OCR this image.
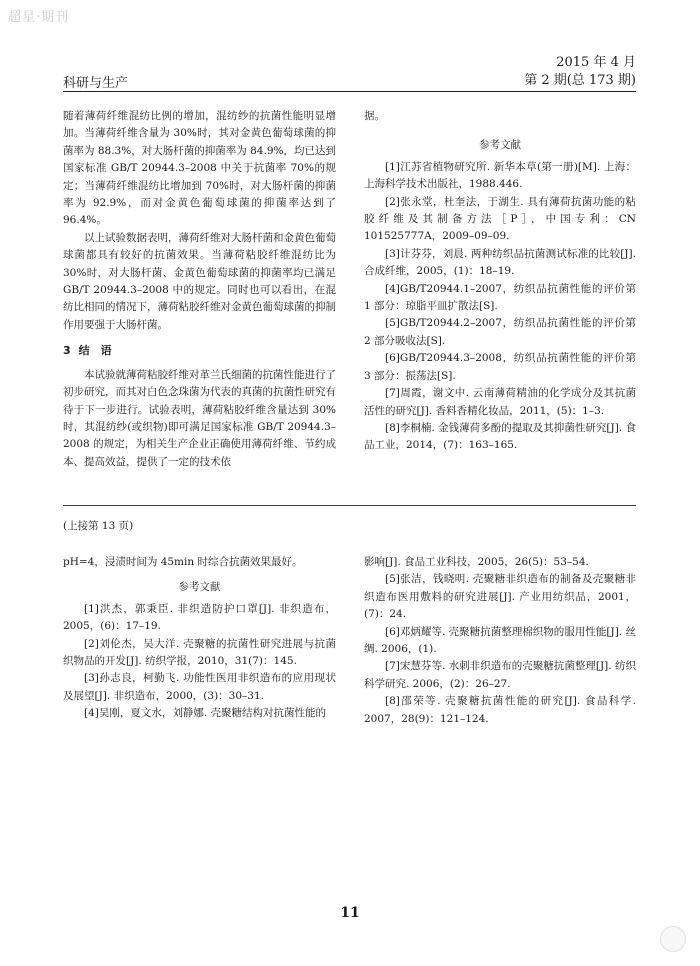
超星·期刊
科研与生产
2015 年 4 月
第 2 期(总 173 期)

随着薄荷纤维混纺比例的增加，混纺纱的抗菌性能明显增加。当薄荷纤维含量为 30%时，其对金黄色葡萄球菌的抑菌率为 88.3%，对大肠杆菌的抑菌率为 84.9%，均已达到国家标准 GB/T 20944.3–2008 中关于抗菌率 70%的规定；当薄荷纤维混纺比增加到 70%时，对大肠杆菌的抑菌率为 92.9%，而对金黄色葡萄球菌的抑菌率达到了 96.4%。

以上试验数据表明，薄荷纤维对大肠杆菌和金黄色葡萄球菌都具有较好的抗菌效果。当薄荷粘胶纤维混纺比为 30%时，对大肠杆菌、金黄色葡萄球菌的抑菌率均已满足 GB/T 20944.3–2008 中的规定。同时也可以看出，在混纺比相同的情况下，薄荷粘胶纤维对金黄色葡萄球菌的抑制作用要强于大肠杆菌。

3 结　语

本试验就薄荷粘胶纤维对革兰氏细菌的抗菌性能进行了初步研究，而其对白色念珠菌为代表的真菌的抗菌性研究有待于下一步进行。试验表明，薄荷粘胶纤维含量达到 30%时，其混纺纱(或织物)即可满足国家标准 GB/T 20944.3–2008 的规定，为相关生产企业正确使用薄荷纤维、节约成本、提高效益，提供了一定的技术依

据。

参考文献

[1]江苏省植物研究所. 新华本草(第一册)[M]. 上海：上海科学技术出版社，1988.446.

[2]张永堂，杜奎法，于湖生. 具有薄荷抗菌功能的粘胶纤维及其制备方法［P］，中国专利：CN 101525777A，2009–09–09.

[3]计芬芬，刘晨. 两种纺织品抗菌测试标准的比较[J]. 合成纤维，2005，(1)：18–19.

[4]GB/T20944.1–2007，纺织品抗菌性能的评价第 1 部分：琼脂平皿扩散法[S].

[5]GB/T20944.2–2007，纺织品抗菌性能的评价第 2 部分吸收法[S].

[6]GB/T20944.3–2008，纺织品抗菌性能的评价第 3 部分：振荡法[S].

[7]周霞，谢文中. 云南薄荷精油的化学成分及其抗菌活性的研究[J]. 香料香精化妆品，2011，(5)：1–3.

[8]李桐楠. 金钱薄荷多酚的提取及其抑菌性研究[J]. 食品工业，2014，(7)：163–165.

(上接第 13 页)

pH=4，浸渍时间为 45min 时综合抗菌效果最好。

参考文献

[1]洪杰，郭秉臣. 非织造防护口罩[J]. 非织造布，2005，(6)：17–19.

[2]刘伦杰，吴大洋. 壳聚糖的抗菌性研究进展与抗菌织物品的开发[J]. 纺织学报，2010，31(7)：145.

[3]孙志良，柯勤飞. 功能性医用非织造布的应用现状及展望[J]. 非织造布，2000，(3)：30–31.

[4]吴刚，夏文水，刘静娜. 壳聚糖结构对抗菌性能的

影响[J]. 食品工业科技，2005，26(5)：53–54.

[5]张洁，钱晓明. 壳聚糖非织造布的制备及壳聚糖非织造布医用敷料的研究进展[J]. 产业用纺织品，2001，(7)：24.

[6]邓炳耀等. 壳聚糖抗菌整理棉织物的服用性能[J]. 丝绸. 2006，(1).

[7]宋慧芬等. 水刺非织造布的壳聚糖抗菌整理[J]. 纺织科学研究. 2006，(2)：26–27.

[8]邵荣等. 壳聚糖抗菌性能的研究[J]. 食品科学. 2007，28(9)：121–124.

11
